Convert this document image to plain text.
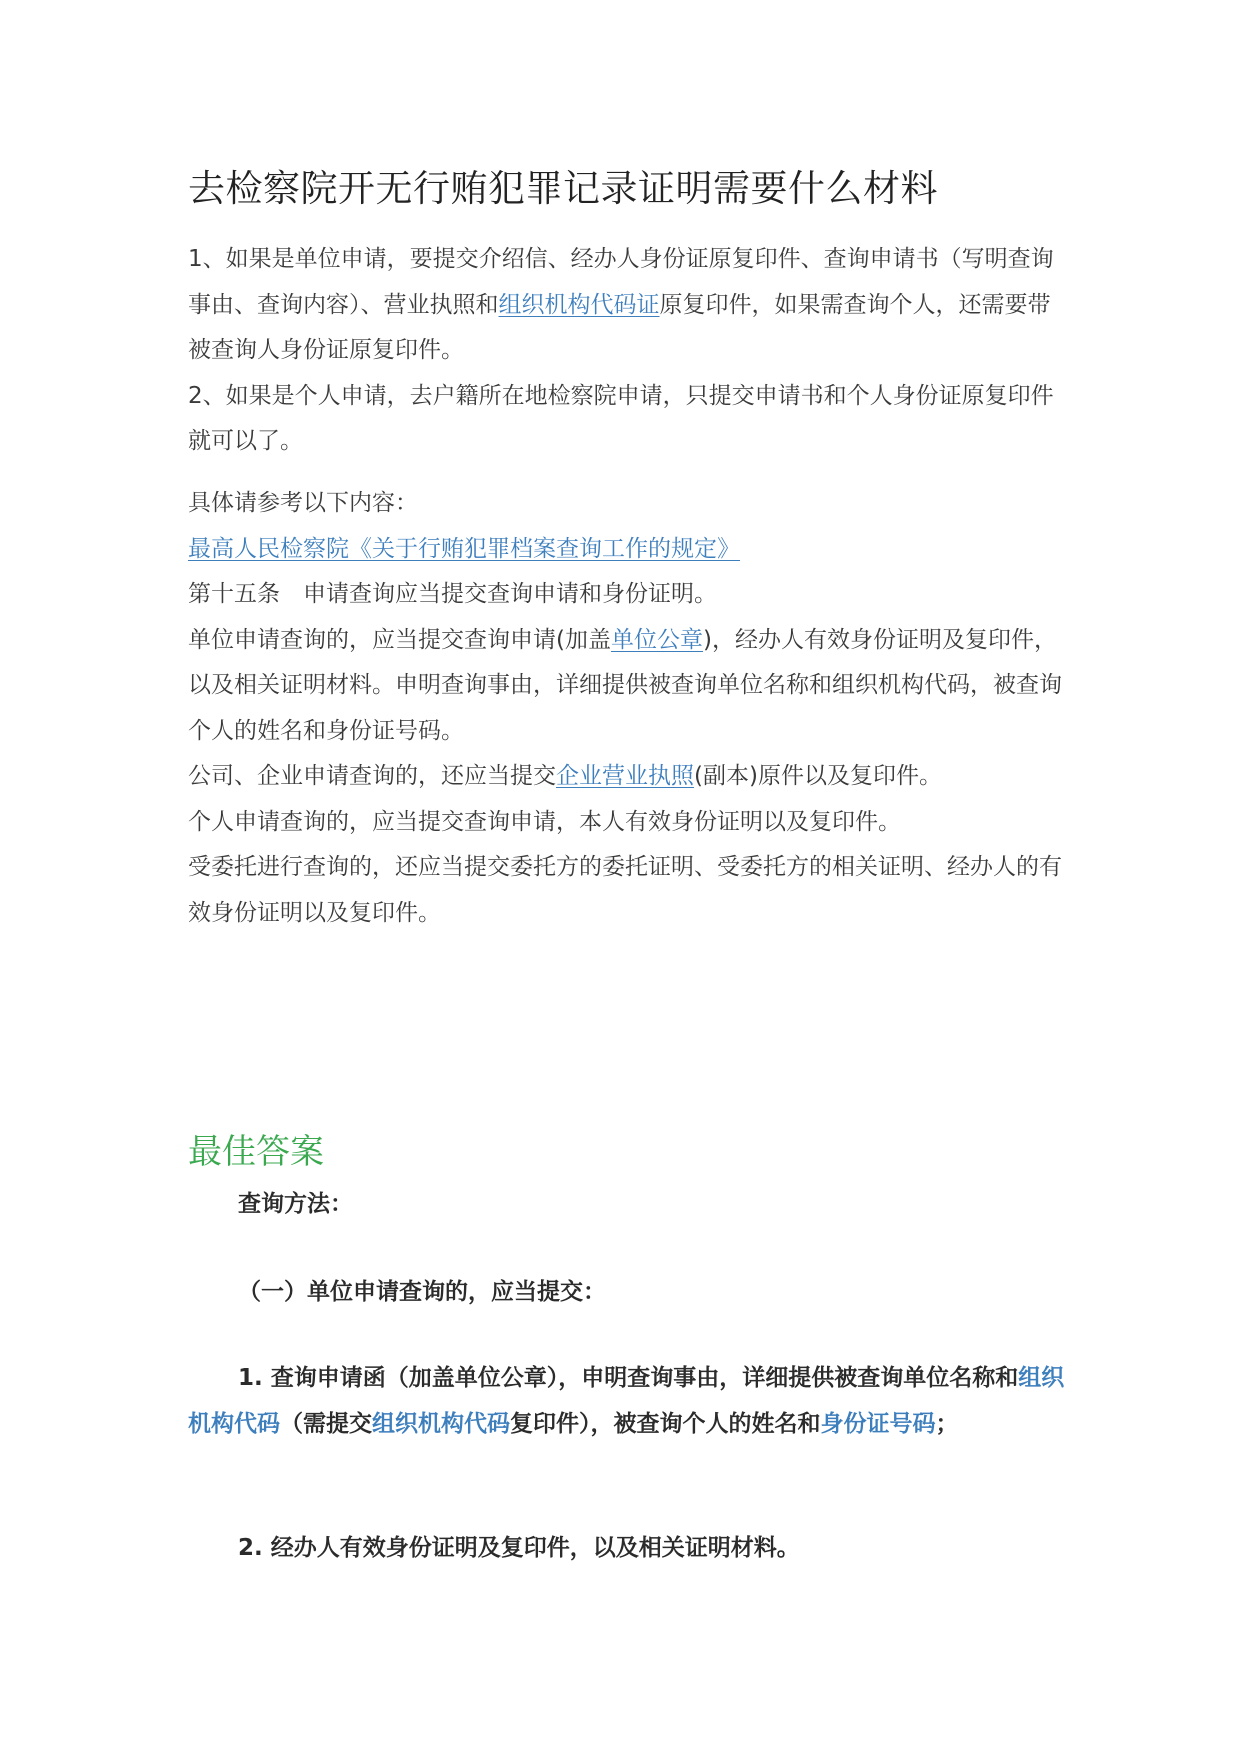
去检察院开无行贿犯罪记录证明需要什么材料

1、如果是单位申请，要提交介绍信、经办人身份证原复印件、查询申请书（写明查询事由、查询内容）、营业执照和组织机构代码证原复印件，如果需查询个人，还需要带被查询人身份证原复印件。

2、如果是个人申请，去户籍所在地检察院申请，只提交申请书和个人身份证原复印件就可以了。

具体请参考以下内容：

最高人民检察院《关于行贿犯罪档案查询工作的规定》

第十五条　申请查询应当提交查询申请和身份证明。

单位申请查询的，应当提交查询申请(加盖单位公章)，经办人有效身份证明及复印件，以及相关证明材料。申明查询事由，详细提供被查询单位名称和组织机构代码，被查询个人的姓名和身份证号码。

公司、企业申请查询的，还应当提交企业营业执照(副本)原件以及复印件。

个人申请查询的，应当提交查询申请，本人有效身份证明以及复印件。

受委托进行查询的，还应当提交委托方的委托证明、受委托方的相关证明、经办人的有效身份证明以及复印件。

最佳答案

查询方法：

（一）单位申请查询的，应当提交：

1. 查询申请函（加盖单位公章），申明查询事由，详细提供被查询单位名称和组织机构代码（需提交组织机构代码复印件），被查询个人的姓名和身份证号码；

2. 经办人有效身份证明及复印件，以及相关证明材料。
